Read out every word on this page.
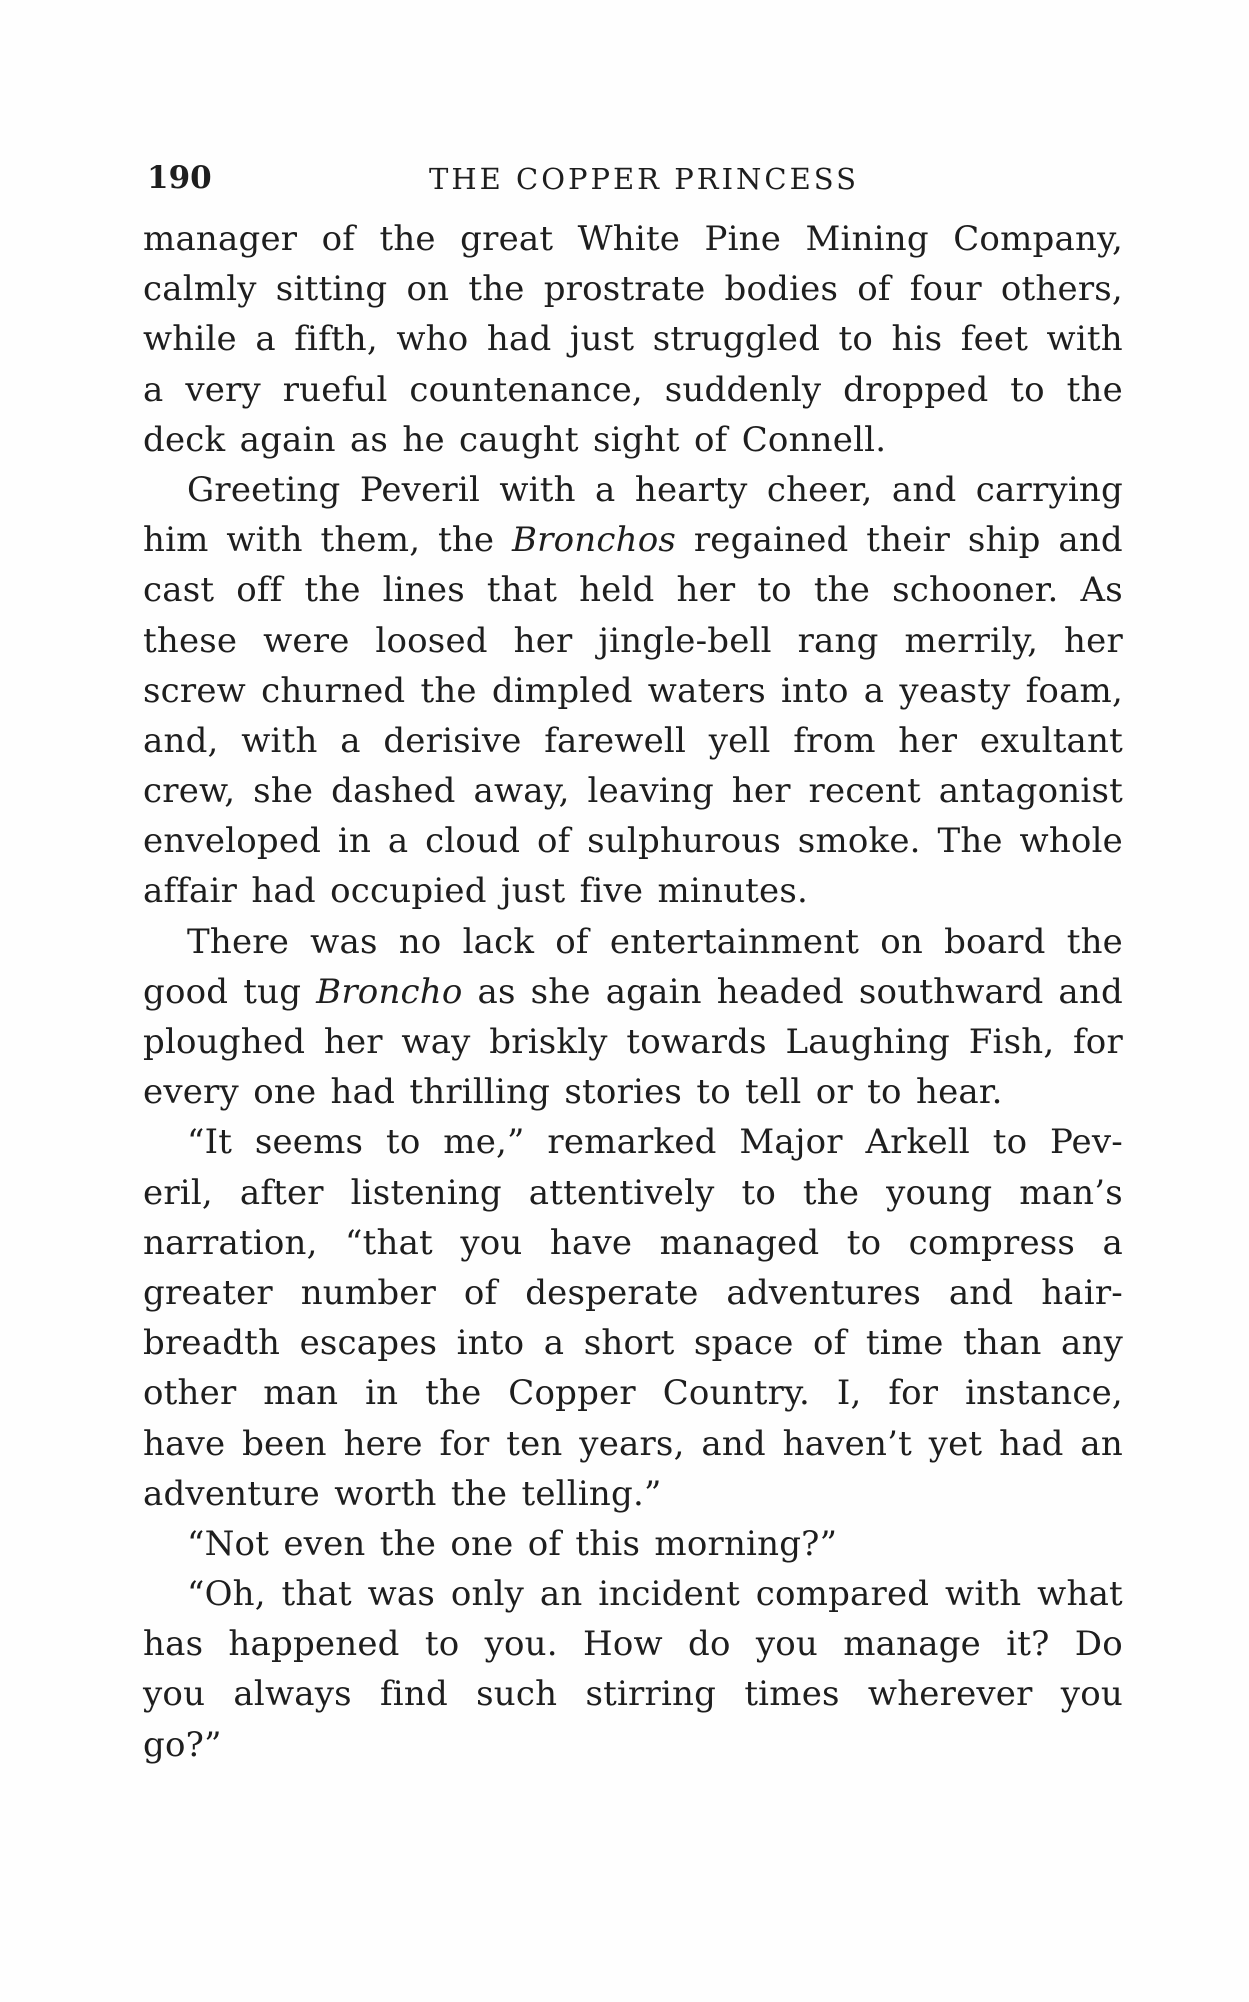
190	THE COPPER PRINCESS
manager of the great White Pine Mining Company,
calmly sitting on the prostrate bodies of four others,
while a fifth, who had just struggled to his feet with
a very rueful countenance, suddenly dropped to the
deck again as he caught sight of Connell.
Greeting Peveril with a hearty cheer, and carrying
him with them, the Bronchos regained their ship and
cast off the lines that held her to the schooner. As
these were loosed her jingle-bell rang merrily, her
screw churned the dimpled waters into a yeasty foam,
and, with a derisive farewell yell from her exultant
crew, she dashed away, leaving her recent antagonist
enveloped in a cloud of sulphurous smoke. The whole
affair had occupied just five minutes.
There was no lack of entertainment on board the
good tug Broncho as she again headed southward and
ploughed her way briskly towards Laughing Fish, for
every one had thrilling stories to tell or to hear.
“It seems to me,” remarked Major Arkell to Pev-
eril, after listening attentively to the young man’s
narration, “that you have managed to compress a
greater number of desperate adventures and hair-
breadth escapes into a short space of time than any
other man in the Copper Country. I, for instance,
have been here for ten years, and haven’t yet had an
adventure worth the telling.”
“Not even the one of this morning?”
“Oh, that was only an incident compared with what
has happened to you. How do you manage it? Do
you always find such stirring times wherever you
go?”
